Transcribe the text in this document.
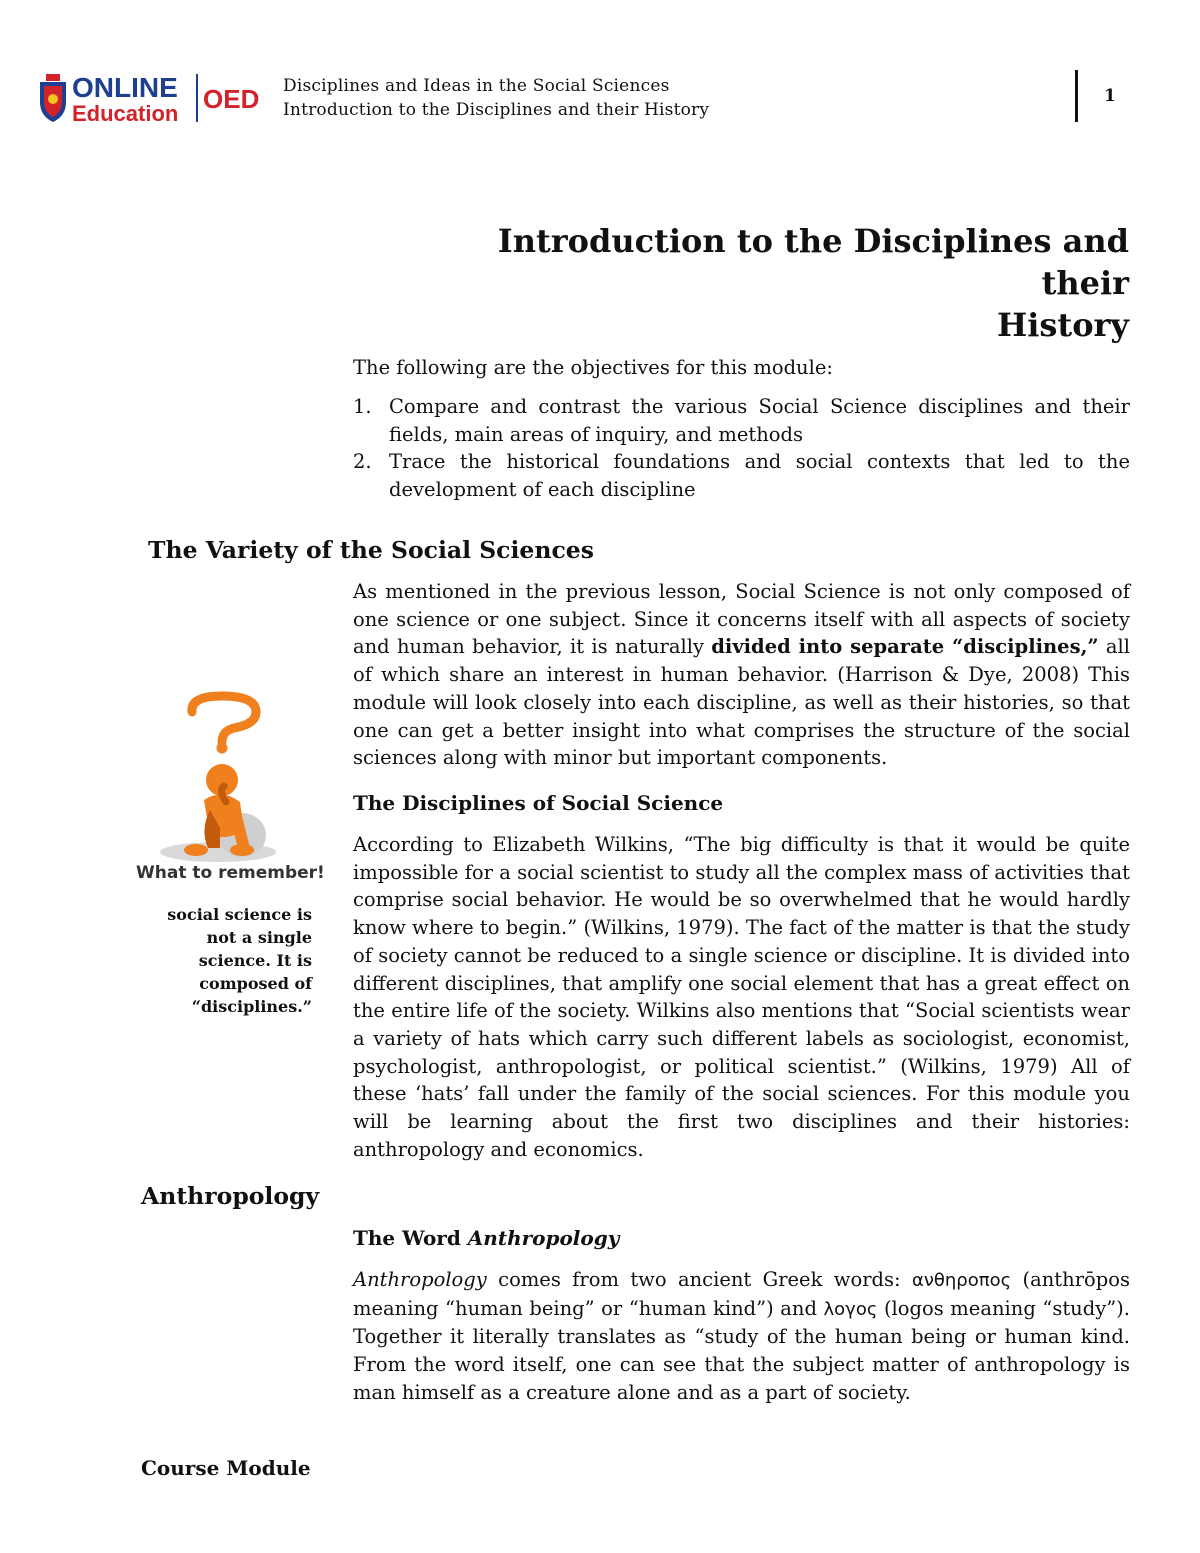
ONLINE
Education OED Disciplines and Ideas in the Social Sciences
Introduction to the Disciplines and their History
1
Introduction to the Disciplines and their
History
The following are the objectives for this module:
1. Compare and contrast the various Social Science disciplines and their fields, main areas of inquiry, and methods
2. Trace the historical foundations and social contexts that led to the development of each discipline
The Variety of the Social Sciences
As mentioned in the previous lesson, Social Science is not only composed of one science or one subject. Since it concerns itself with all aspects of society and human behavior, it is naturally divided into separate “disciplines,” all of which share an interest in human behavior. (Harrison & Dye, 2008) This module will look closely into each discipline, as well as their histories, so that one can get a better insight into what comprises the structure of the social sciences along with minor but important components.
The Disciplines of Social Science
According to Elizabeth Wilkins, “The big difficulty is that it would be quite impossible for a social scientist to study all the complex mass of activities that comprise social behavior. He would be so overwhelmed that he would hardly know where to begin.” (Wilkins, 1979). The fact of the matter is that the study of society cannot be reduced to a single science or discipline. It is divided into different disciplines, that amplify one social element that has a great effect on the entire life of the society. Wilkins also mentions that “Social scientists wear a variety of hats which carry such different labels as sociologist, economist, psychologist, anthropologist, or political scientist.” (Wilkins, 1979) All of these ‘hats’ fall under the family of the social sciences. For this module you will be learning about the first two disciplines and their histories: anthropology and economics.
What to remember!
social science is
not a single
science. It is
composed of
“disciplines.”
Anthropology
The Word Anthropology
Anthropology comes from two ancient Greek words: ανθηροπος (anthrōpos meaning “human being” or “human kind”) and λογος (logos meaning “study”). Together it literally translates as “study of the human being or human kind. From the word itself, one can see that the subject matter of anthropology is man himself as a creature alone and as a part of society.
Course Module
